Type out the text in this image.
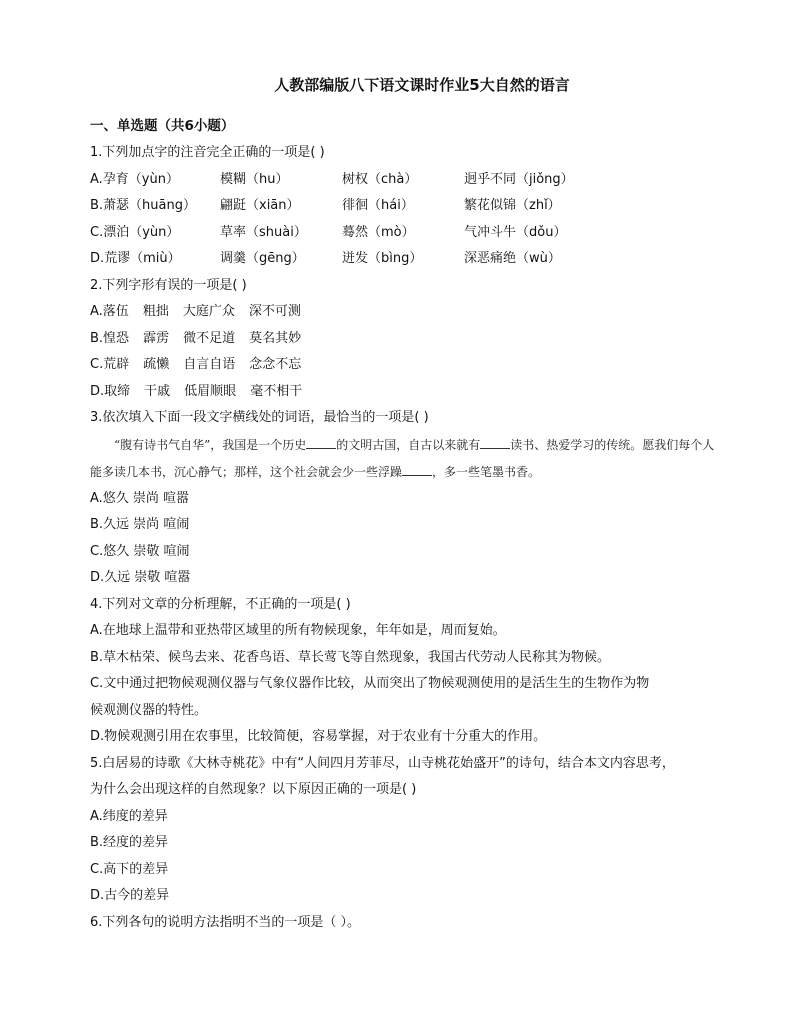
人教部编版八下语文课时作业5大自然的语言
一、单选题（共6小题）
1.下列加点字的注音完全正确的一项是( )
A.孕育（yùn）	模糊（hu）	树权（chà）	迥乎不同（jiǒng）
B.萧瑟（huāng）	翩跹（xiān）	徘徊（hái）	繁花似锦（zhǐ）
C.漂泊（yùn）	草率（shuài）	蓦然（mò）	气冲斗牛（dǒu）
D.荒谬（miù）	调羹（gēng）	迸发（bìng）	深恶痛绝（wù）
2.下列字形有误的一项是( )
A.落伍 粗拙 大庭广众 深不可测
B.惶恐 霹雳 微不足道 莫名其妙
C.荒辟 疏懒 自言自语 念念不忘
D.取缔 干戚 低眉顺眼 毫不相干
3.依次填入下面一段文字横线处的词语，最恰当的一项是( )
“腹有诗书气自华”，我国是一个历史	的文明古国，自古以来就有	读书、热爱学习的传统。愿我们每个人能多读几本书，沉心静气；那样，这个社会就会少一些浮躁	，多一些笔墨书香。
A.悠久 崇尚 喧嚣
B.久远 崇尚 喧闹
C.悠久 崇敬 喧闹
D.久远 崇敬 喧嚣
4.下列对文章的分析理解，不正确的一项是( )
A.在地球上温带和亚热带区域里的所有物候现象，年年如是，周而复始。
B.草木枯荣、候鸟去来、花香鸟语、草长莺飞等自然现象，我国古代劳动人民称其为物候。
C.文中通过把物候观测仪器与气象仪器作比较，从而突出了物候观测使用的是活生生的生物作为物
候观测仪器的特性。
D.物候观测引用在农事里，比较简便，容易掌握，对于农业有十分重大的作用。
5.白居易的诗歌《大林寺桃花》中有“人间四月芳菲尽，山寺桃花始盛开”的诗句，结合本文内容思考，
为什么会出现这样的自然现象？以下原因正确的一项是( )
A.纬度的差异
B.经度的差异
C.高下的差异
D.古今的差异
6.下列各句的说明方法指明不当的一项是（ ）。
